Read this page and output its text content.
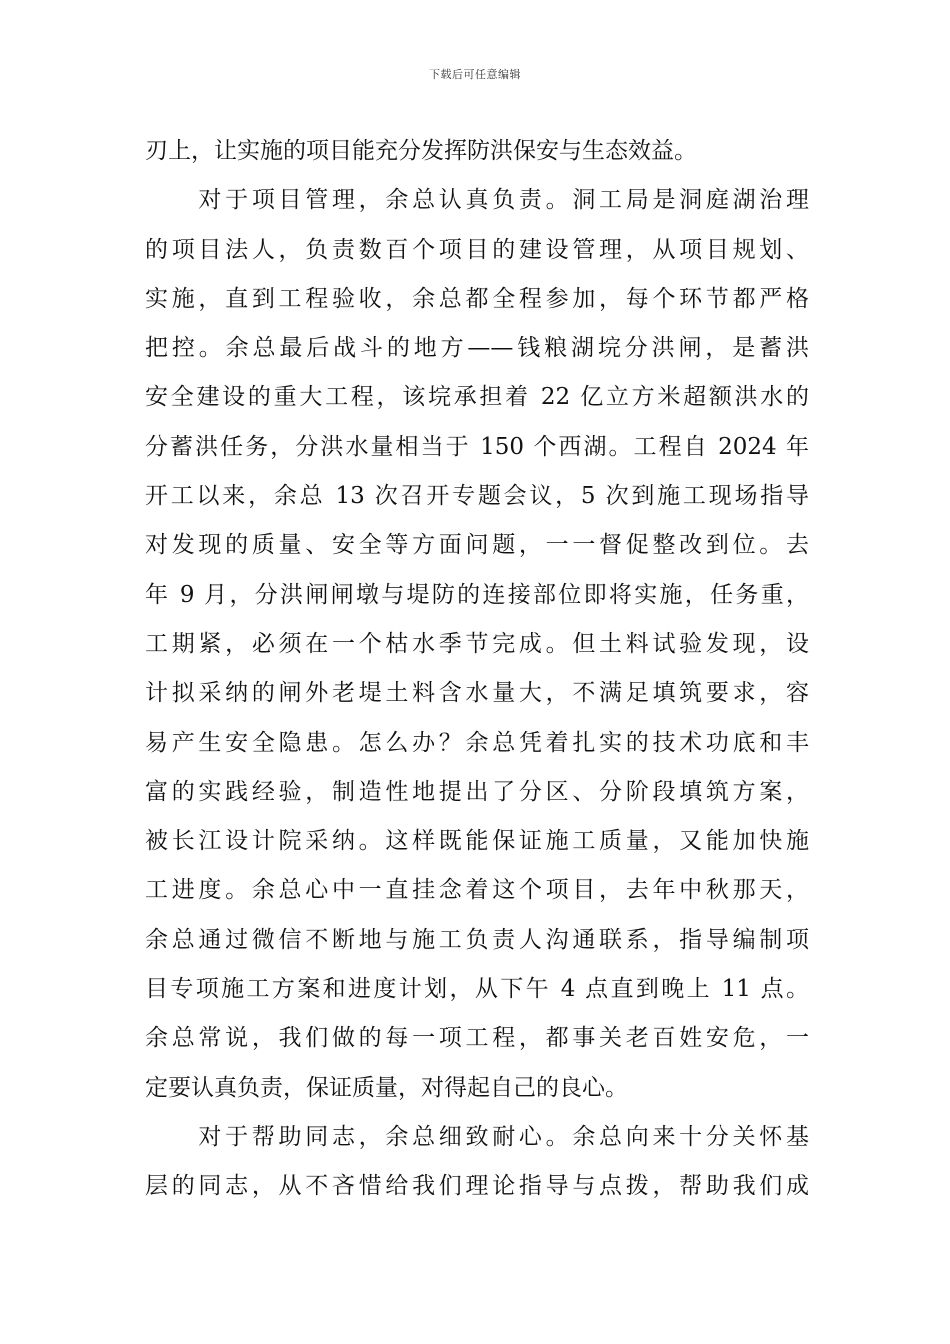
下载后可任意编辑
刃上，让实施的项目能充分发挥防洪保安与生态效益。
　　对于项目管理，余总认真负责。洞工局是洞庭湖治理
的项目法人，负责数百个项目的建设管理，从项目规划、
实施，直到工程验收，余总都全程参加，每个环节都严格
把控。余总最后战斗的地方——钱粮湖垸分洪闸，是蓄洪
安全建设的重大工程，该垸承担着 22 亿立方米超额洪水的
分蓄洪任务，分洪水量相当于 150 个西湖。工程自 2024 年
开工以来，余总 13 次召开专题会议，5 次到施工现场指导
对发现的质量、安全等方面问题，一一督促整改到位。去
年 9 月，分洪闸闸墩与堤防的连接部位即将实施，任务重，
工期紧，必须在一个枯水季节完成。但土料试验发现，设
计拟采纳的闸外老堤土料含水量大，不满足填筑要求，容
易产生安全隐患。怎么办？余总凭着扎实的技术功底和丰
富的实践经验，制造性地提出了分区、分阶段填筑方案，
被长江设计院采纳。这样既能保证施工质量，又能加快施
工进度。余总心中一直挂念着这个项目，去年中秋那天，
余总通过微信不断地与施工负责人沟通联系，指导编制项
目专项施工方案和进度计划，从下午 4 点直到晚上 11 点。
余总常说，我们做的每一项工程，都事关老百姓安危，一
定要认真负责，保证质量，对得起自己的良心。
　　对于帮助同志，余总细致耐心。余总向来十分关怀基
层的同志，从不吝惜给我们理论指导与点拨，帮助我们成
